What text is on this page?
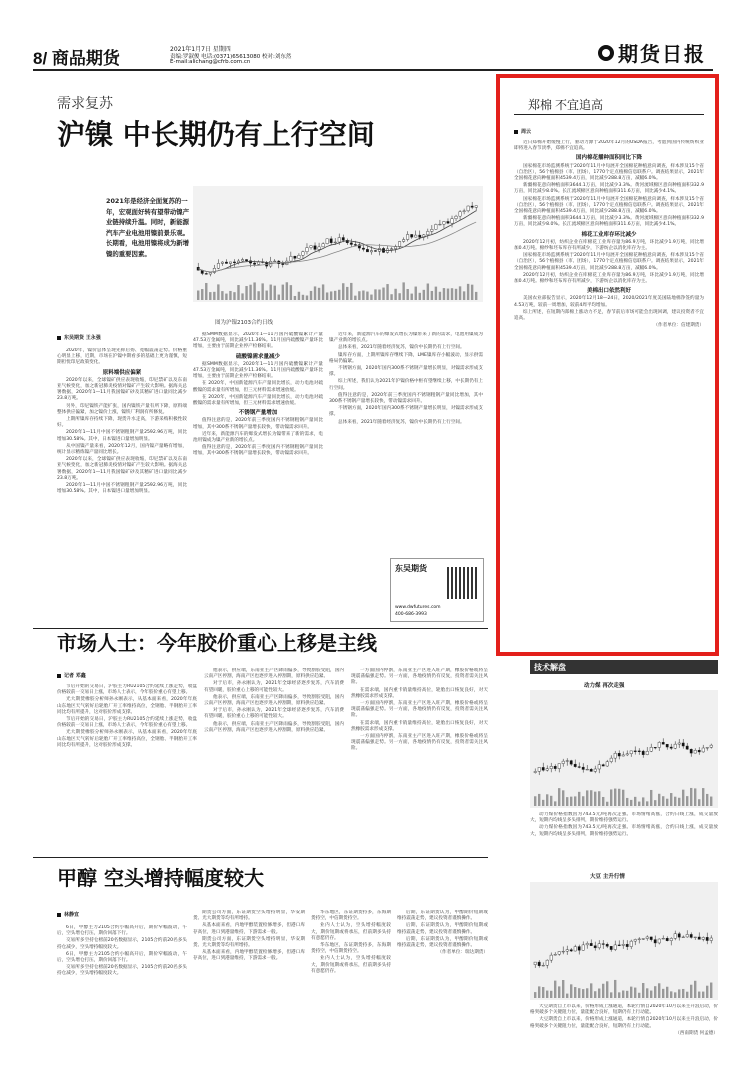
8/ 商品期货	2021年1月7日 星期四
责编:罗淑俊 电话:(0371)65613080 校对:刘东然
E-mail:alichang@cfrb.com.cn	期货日报
需求复苏
沪镍 中长期仍有上行空间
2021年是经济全面复苏的一年，宏观面好转有望带动镍产业链持续升温。同时，新能源汽车产业电池用镍前景乐观。长期看，电池用镍将成为新增镍的重要因素。
图为沪镍2103合约日线
东吴期货 王永强

2020年，镍价总体呈现先抑后扬、宽幅震荡走势。价格重心明显上移，近期，市场在沪镍中期看多的基础上更为谨慎，短期担忧印尼政策变化。

原料端供应偏紧

2020年以来，全球镍矿供应表现收缩，印尼禁矿以及东南亚气候变化，加之新冠肺炎疫情对镍矿产生较大影响。据海关总署数据，2020年1—11月我国镍矿砂及其精矿进口量同比减少23.8万吨。

另外，印尼镍铁产能扩张，国内镍铁产量有所下降，原料端整体供应偏紧，加之镍价上涨，镍铁厂利润有所修复。

上期所镍库存持续下降，现货升水走高，下游采购积极性较好。

2020年1—11月中国不锈钢粗钢产量2592.96万吨，同比增加30.58%。其中，日本镍进口量增加明显。

从中国镍产量来看，2020年12月，国内镍产量略有增加，统计显示精炼镍产量同比增长。

2020年以来，全球镍矿供应表现收缩，印尼禁矿以及东南亚气候变化，加之新冠肺炎疫情对镍矿产生较大影响。据海关总署数据，2020年1—11月我国镍矿砂及其精矿进口量同比减少23.8万吨。

2020年1—11月中国不锈钢粗钢产量2592.96万吨，同比增加30.58%。其中，日本镍进口量增加明显。

据SMM数据显示，2020年1—11月国内硫酸镍累计产量47.53万金属吨，同比减少11.36%。11月国内硫酸镍产量环比增加，主要由于前期企业停产检修结束。

硫酸镍需求量减少

据SMM数据显示，2020年1—11月国内硫酸镍累计产量47.53万金属吨，同比减少11.36%。11月国内硫酸镍产量环比增加，主要由于前期企业停产检修结束。

在 2020年，中国新能源汽车产量同比增长，动力电池对硫酸镍的需求量有所增加，但三元材料需求增速放缓。

在 2020年，中国新能源汽车产量同比增长，动力电池对硫酸镍的需求量有所增加，但三元材料需求增速放缓。

不锈钢产量增加

值得注意的是，2020年前三季度国内不锈钢粗钢产量同比增加，其中300系不锈钢产量增长较快，带动镍需求回升。

近年来，新能源汽车的爆发式增长为镍带来了新的需求，电池用镍成为镍产业新的增长点。

值得注意的是，2020年前三季度国内不锈钢粗钢产量同比增加，其中300系不锈钢产量增长较快，带动镍需求回升。

近年来，新能源汽车的爆发式增长为镍带来了新的需求，电池用镍成为镍产业新的增长点。

总体来看，2021年随着经济复苏，镍价中长期仍有上行空间。

镍库存方面，上期所镍库存继续下降，LME镍库存小幅波动，显示供需格局仍偏紧。

不锈钢方面，2020年国内300系不锈钢产量增长明显，对镍需求形成支撑。

综上所述，我们认为2021年沪镍价格中枢有望继续上移，中长期仍有上行空间。

值得注意的是，2020年前三季度国内不锈钢粗钢产量同比增加，其中300系不锈钢产量增长较快，带动镍需求回升。

不锈钢方面，2020年国内300系不锈钢产量增长明显，对镍需求形成支撑。

总体来看，2021年随着经济复苏，镍价中长期仍有上行空间。

东吴期货
www.dwfutures.com
400-686-3993
郑棉 不宜追高
周云

近日郑棉开始缓慢上行，驱动力源于2020年12月的USDA报告，考虑到国内传统纺织业即将进入春节淡季，郑棉不宜追高。

国内棉花播种面积同比下降

国家棉花市场监测系统于2020年11月中旬展开全国棉花种植意向调查，样本涉及15个省（自治区），56个植棉县（市、团场），1770个定点植棉信息联系户。调查结果显示，2021年全国棉花意向种植面积4539.4万亩，同比减少288.8万亩，减幅6.0%。

新疆棉花意向种植面积3644.1万亩，同比减少3.3%。黄河流域棉区意向种植面积332.9万亩，同比减少8.0%。长江流域棉区意向种植面积311.6万亩，同比减少4.1%。

国家棉花市场监测系统于2020年11月中旬展开全国棉花种植意向调查，样本涉及15个省（自治区），56个植棉县（市、团场），1770个定点植棉信息联系户。调查结果显示，2021年全国棉花意向种植面积4539.4万亩，同比减少288.8万亩，减幅6.0%。

新疆棉花意向种植面积3644.1万亩，同比减少3.3%。黄河流域棉区意向种植面积332.9万亩，同比减少8.0%。长江流域棉区意向种植面积311.6万亩，同比减少4.1%。

棉花工业库存环比减少

2020年12月初，纺织企业在库棉花工业库存量为86.9万吨，环比减少1.9万吨，同比增加0.4万吨。棉纱和坯布库存有所减少，下游纺企以消化库存为主。

国家棉花市场监测系统于2020年11月中旬展开全国棉花种植意向调查，样本涉及15个省（自治区），56个植棉县（市、团场），1770个定点植棉信息联系户。调查结果显示，2021年全国棉花意向种植面积4539.4万亩，同比减少288.8万亩，减幅6.0%。

2020年12月初，纺织企业在库棉花工业库存量为86.9万吨，环比减少1.9万吨，同比增加0.4万吨。棉纱和坯布库存有所减少，下游纺企以消化库存为主。

美棉出口依然利好

美国农业部报告显示，2020年12月18—24日，2020/2021年度美国陆地棉净签约量为4.53万吨，较前一周增加，较前4周平均增加。

综上所述，在短期内郑棉上涨动力不足，春节前后市场可能会出现回调，建议投资者不宜追高。

（作者单位：信建期货）

市场人士：今年胶价重心上移是主线
记者 邓鑫

节后开始的交易日，沪胶主力RU2105合约延续上涨走势，收盘价格较前一交易日上涨，市场人士表示，今年胶价重心有望上移。

光大期货橡胶分析师孙永刚表示，从基本面来看，2020年年底山东地区天气转好后轮胎厂开工率维持高位，全钢胎、半钢胎开工率同比均有所提升，这对胶价形成支撑。

节后开始的交易日，沪胶主力RU2105合约延续上涨走势，收盘价格较前一交易日上涨，市场人士表示，今年胶价重心有望上移。

光大期货橡胶分析师孙永刚表示，从基本面来看，2020年年底山东地区天气转好后轮胎厂开工率维持高位，全钢胎、半钢胎开工率同比均有所提升，这对胶价形成支撑。

他表示，供应端，东南亚主产区降雨偏多，导致割胶受阻，国内云南产区停割，海南产区也逐步进入停割期，原料供应趋紧。

对于后市，孙永刚认为，2021年全球经济逐步复苏，汽车消费有望回暖，胶价重心上移的可能性较大。

他表示，供应端，东南亚主产区降雨偏多，导致割胶受阻，国内云南产区停割，海南产区也逐步进入停割期，原料供应趋紧。

对于后市，孙永刚认为，2021年全球经济逐步复苏，汽车消费有望回暖，胶价重心上移的可能性较大。

他表示，供应端，东南亚主产区降雨偏多，导致割胶受阻，国内云南产区停割，海南产区也逐步进入停割期，原料供应趋紧。

一方面国内停割，东南亚主产区进入旺产期，橡胶价格或将呈现震荡偏强走势。另一方面，各地疫情仍有反复，投资者需关注风险。

在需求端，国内重卡销量维持高位，轮胎出口恢复良好，对天然橡胶需求形成支撑。

一方面国内停割，东南亚主产区进入旺产期，橡胶价格或将呈现震荡偏强走势。另一方面，各地疫情仍有反复，投资者需关注风险。

在需求端，国内重卡销量维持高位，轮胎出口恢复良好，对天然橡胶需求形成支撑。

一方面国内停割，东南亚主产区进入旺产期，橡胶价格或将呈现震荡偏强走势。另一方面，各地疫情仍有反复，投资者需关注风险。

甲醇 空头增持幅度较大
林静宜

6日，甲醇主力2105合约小幅高开后，期价窄幅波动，午后，空头增仓打压，期价回落下行。

交易所多空持仓榜前20名数据显示，2105合约前20名多头持仓减少，空头增持幅度较大。

6日，甲醇主力2105合约小幅高开后，期价窄幅波动，午后，空头增仓打压，期价回落下行。

交易所多空持仓榜前20名数据显示，2105合约前20名多头持仓减少，空头增持幅度较大。

期货公司方面，东证期货空头增持明显，华安期货、光大期货等均有所增持。

从基本面来看，内地甲醇装置检修增多，但港口库存高位，进口到港量维持，下游需求一般。

期货公司方面，东证期货空头增持明显，华安期货、光大期货等均有所增持。

从基本面来看，内地甲醇装置检修增多，但港口库存高位，进口到港量维持，下游需求一般。

华东地区，东证期货持多，东海期货持空，中信期货持空。

业内人士认为，空头增持幅度较大，期价短期或将承压，但前期多头持有意愿仍存。

华东地区，东证期货持多，东海期货持空，中信期货持空。

业内人士认为，空头增持幅度较大，期价短期或将承压，但前期多头持有意愿仍存。

后期，东证期货认为，甲醇期价短期或维持震荡走势，建议投资者谨慎操作。

后期，东证期货认为，甲醇期价短期或维持震荡走势，建议投资者谨慎操作。

后期，东证期货认为，甲醇期价短期或维持震荡走势，建议投资者谨慎操作。

（作者单位：瑞达期货）

技术解盘
动力煤 再次走强

动力煤价格指数因为743.5元/吨再次走强。市场情绪高涨，合约日线上涨，成交量放大，短期内均线呈多头排列，期价维持强势运行。

动力煤价格指数因为743.5元/吨再次走强。市场情绪高涨，合约日线上涨，成交量放大，短期内均线呈多头排列，期价维持强势运行。

大豆 主升行情

大豆期货自上市以来，价格形成上涨通道，本轮行情自2020年10月以来主升浪启动，价格突破多个关键阻力位，量能配合良好，短期仍有上行动能。

大豆期货自上市以来，价格形成上涨通道，本轮行情自2020年10月以来主升浪启动，价格突破多个关键阻力位，量能配合良好，短期仍有上行动能。

（西南期货 何孟德）
